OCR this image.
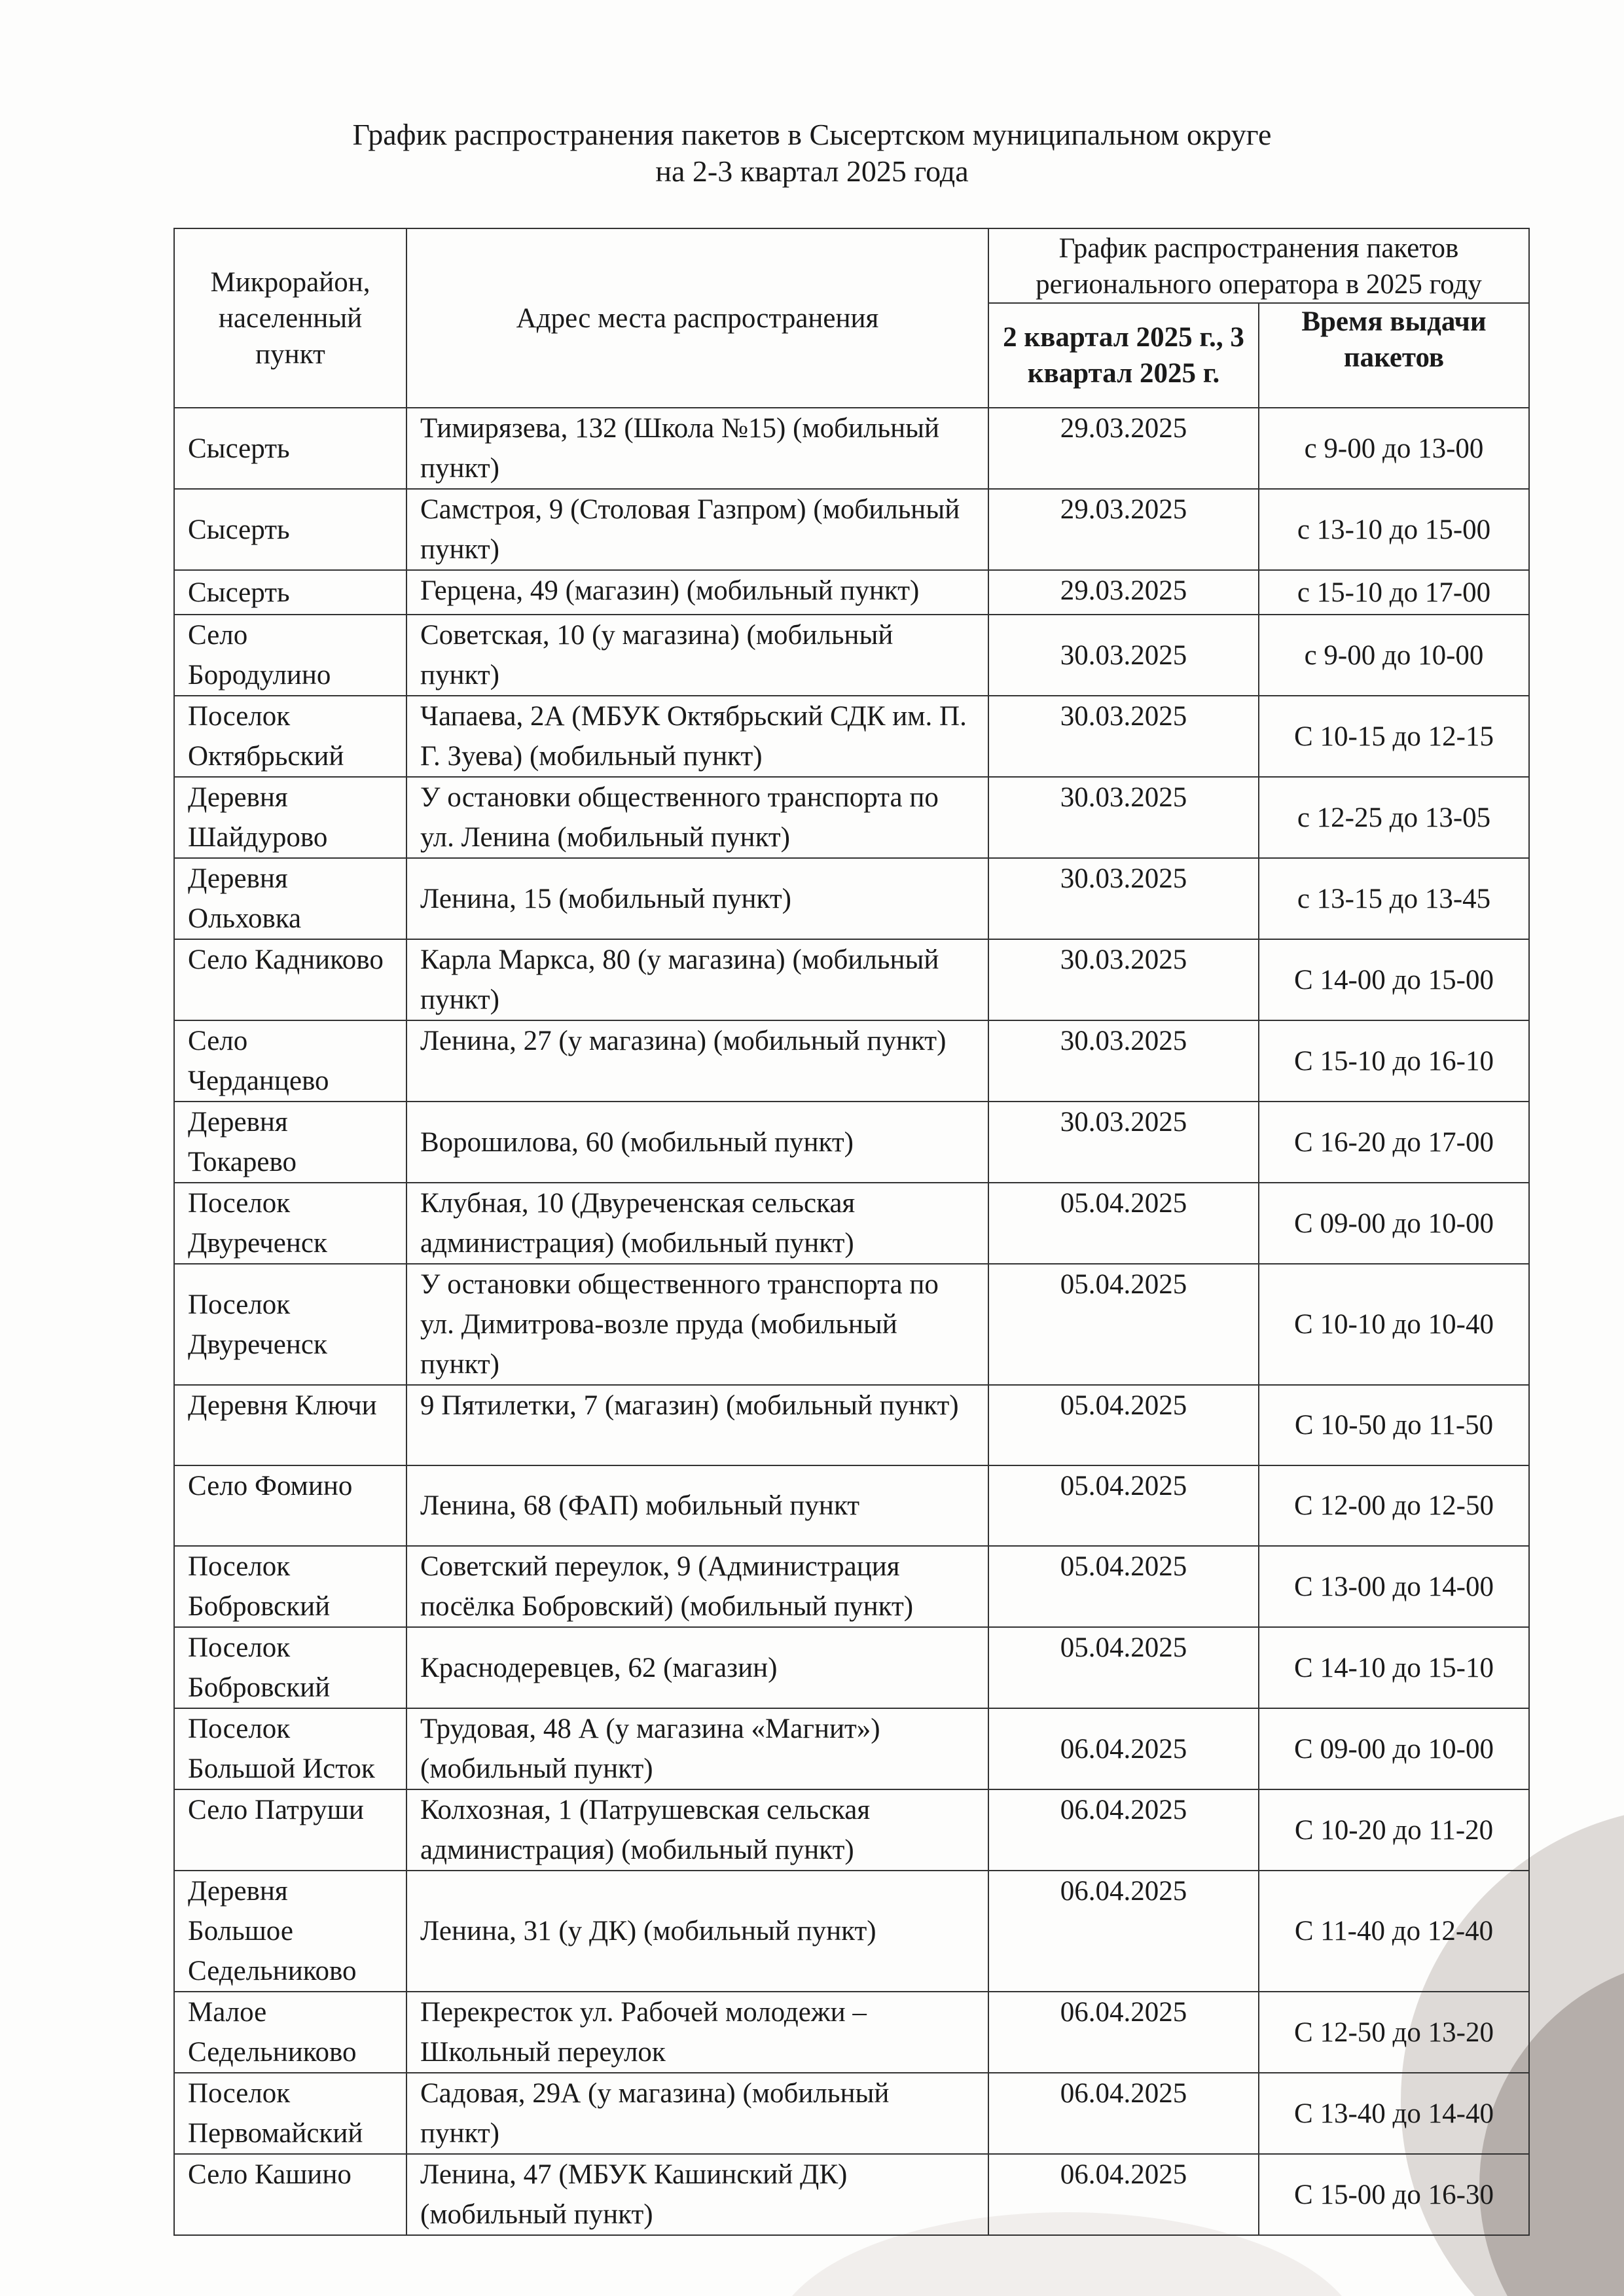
График распространения пакетов в Сысертском муниципальном округе
на 2-3 квартал 2025 года
Микрорайон, населенный пункт	Адрес места распространения	График распространения пакетов регионального оператора в 2025 году	
		2 квартал 2025 г., 3 квартал 2025 г.	Время выдачи пакетов
Сысерть	Тимирязева, 132 (Школа №15) (мобильный пункт)	29.03.2025	с 9-00 до 13-00
Сысерть	Самстроя, 9 (Столовая Газпром) (мобильный пункт)	29.03.2025	с 13-10 до 15-00
Сысерть	Герцена, 49 (магазин) (мобильный пункт)	29.03.2025	с 15-10 до 17-00
Село Бородулино	Советская, 10 (у магазина) (мобильный пункт)	30.03.2025	с 9-00 до 10-00
Поселок Октябрьский	Чапаева, 2А (МБУК Октябрьский СДК им. П. Г. Зуева) (мобильный пункт)	30.03.2025	С 10-15 до 12-15
Деревня Шайдурово	У остановки общественного транспорта по ул. Ленина (мобильный пункт)	30.03.2025	с 12-25 до 13-05
Деревня Ольховка	Ленина, 15 (мобильный пункт)	30.03.2025	с 13-15 до 13-45
Село Кадниково	Карла Маркса, 80 (у магазина) (мобильный пункт)	30.03.2025	С 14-00 до 15-00
Село Черданцево	Ленина, 27 (у магазина) (мобильный пункт)	30.03.2025	С 15-10 до 16-10
Деревня Токарево	Ворошилова, 60 (мобильный пункт)	30.03.2025	С 16-20 до 17-00
Поселок Двуреченск	Клубная, 10 (Двуреченская сельская администрация) (мобильный пункт)	05.04.2025	С 09-00 до 10-00
Поселок Двуреченск	У остановки общественного транспорта по ул. Димитрова-возле пруда (мобильный пункт)	05.04.2025	С 10-10 до 10-40
Деревня Ключи	9 Пятилетки, 7 (магазин) (мобильный пункт)	05.04.2025	С 10-50 до 11-50
Село Фомино	Ленина, 68 (ФАП) мобильный пункт	05.04.2025	С 12-00 до 12-50
Поселок Бобровский	Советский переулок, 9 (Администрация посёлка Бобровский) (мобильный пункт)	05.04.2025	С 13-00 до 14-00
Поселок Бобровский	Краснодеревцев, 62 (магазин)	05.04.2025	С 14-10 до 15-10
Поселок Большой Исток	Трудовая, 48 А (у магазина «Магнит») (мобильный пункт)	06.04.2025	С 09-00 до 10-00
Село Патруши	Колхозная, 1 (Патрушевская сельская администрация) (мобильный пункт)	06.04.2025	С 10-20 до 11-20
Деревня Большое Седельниково	Ленина, 31 (у ДК) (мобильный пункт)	06.04.2025	С 11-40 до 12-40
Малое Седельниково	Перекресток ул. Рабочей молодежи – Школьный переулок	06.04.2025	С 12-50 до 13-20
Поселок Первомайский	Садовая, 29А (у магазина) (мобильный пункт)	06.04.2025	С 13-40 до 14-40
Село Кашино	Ленина, 47 (МБУК Кашинский ДК) (мобильный пункт)	06.04.2025	С 15-00 до 16-30
